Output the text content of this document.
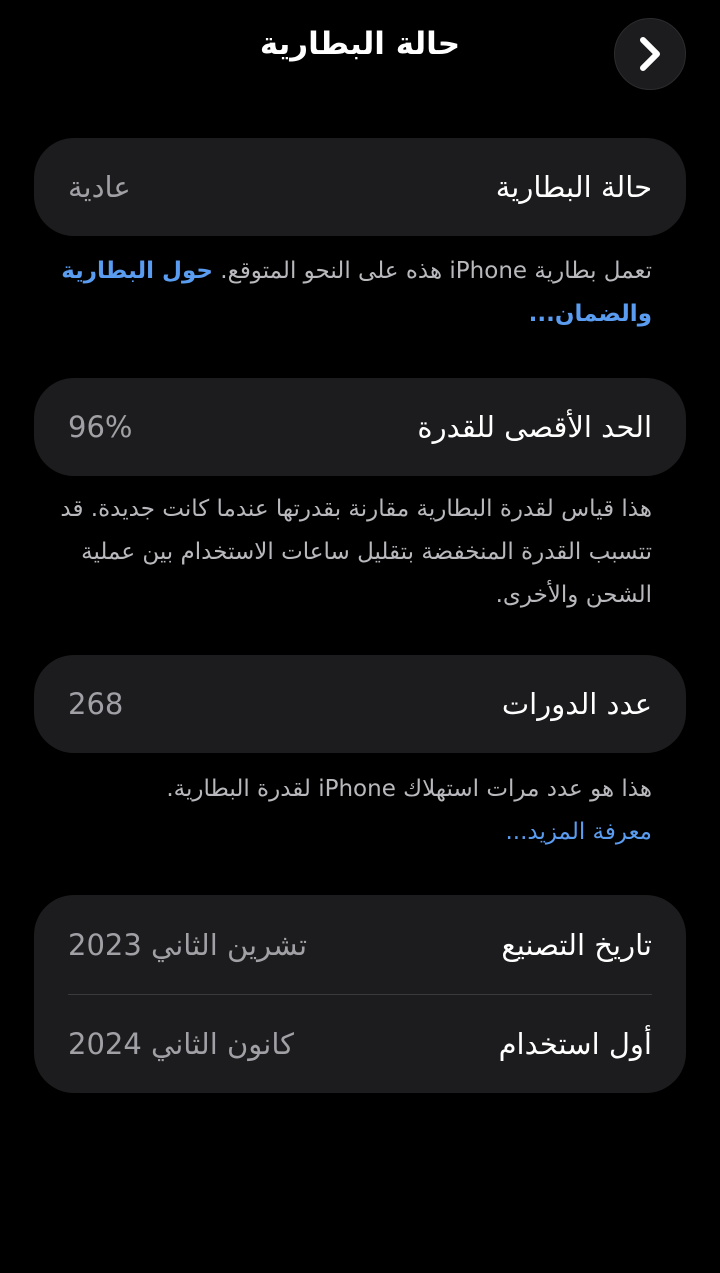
حالة البطارية
حالة البطارية
عادية
تعمل بطارية iPhone هذه على النحو المتوقع. حول البطارية والضمان...
الحد الأقصى للقدرة
96%
هذا قياس لقدرة البطارية مقارنة بقدرتها عندما كانت جديدة. قد تتسبب القدرة المنخفضة بتقليل ساعات الاستخدام بين عملية الشحن والأخرى.
عدد الدورات
268
هذا هو عدد مرات استهلاك iPhone لقدرة البطارية.
معرفة المزيد...
تاريخ التصنيع
تشرين الثاني 2023
أول استخدام
كانون الثاني 2024
